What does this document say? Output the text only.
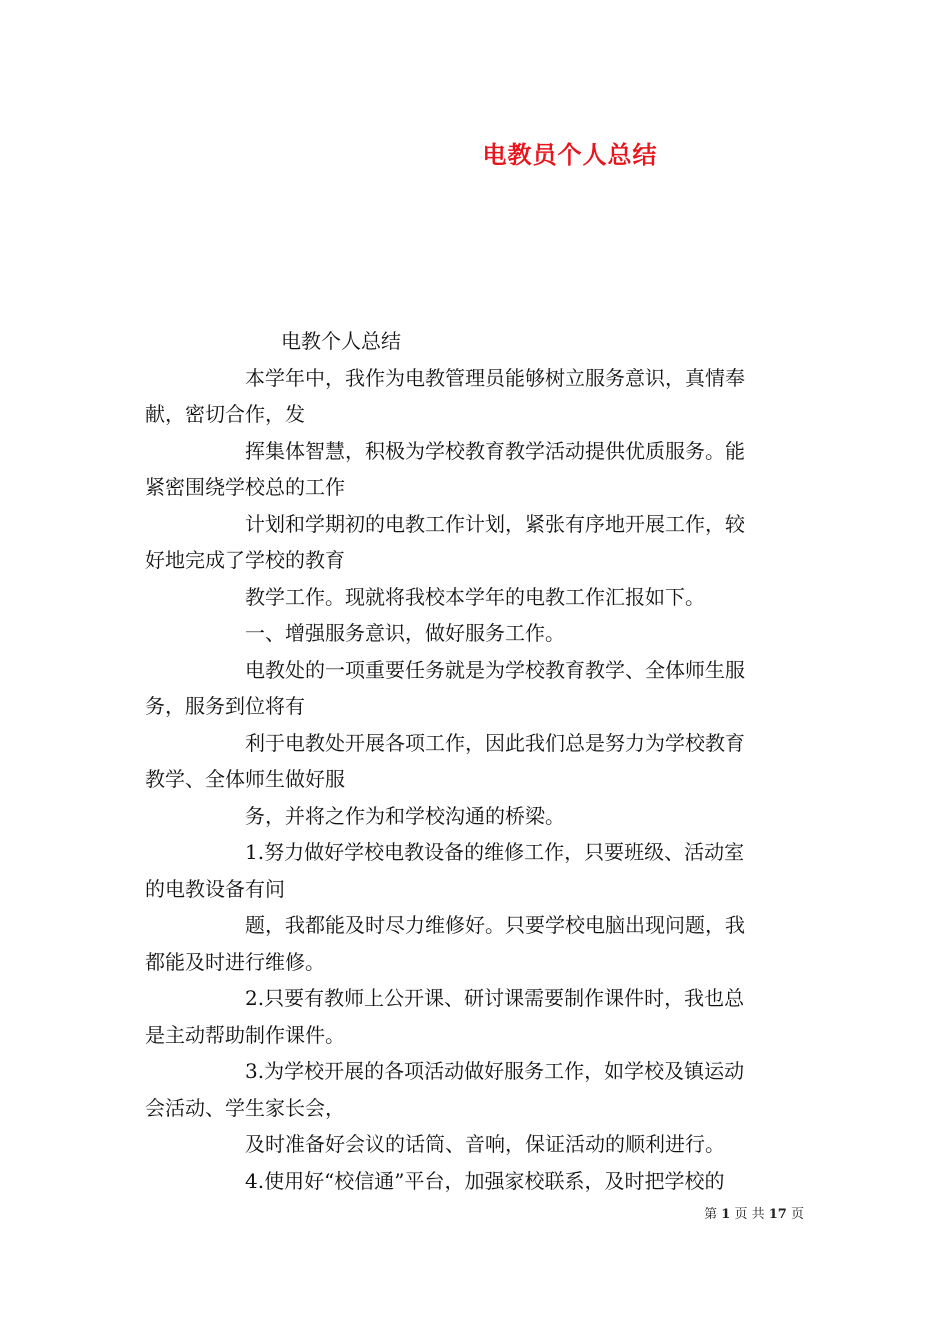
电教员个人总结
电教个人总结
本学年中，我作为电教管理员能够树立服务意识，真情奉
献，密切合作，发
挥集体智慧，积极为学校教育教学活动提供优质服务。能
紧密围绕学校总的工作
计划和学期初的电教工作计划，紧张有序地开展工作，较
好地完成了学校的教育
教学工作。现就将我校本学年的电教工作汇报如下。
一、增强服务意识，做好服务工作。
电教处的一项重要任务就是为学校教育教学、全体师生服
务，服务到位将有
利于电教处开展各项工作，因此我们总是努力为学校教育
教学、全体师生做好服
务，并将之作为和学校沟通的桥梁。
1.努力做好学校电教设备的维修工作，只要班级、活动室
的电教设备有问
题，我都能及时尽力维修好。只要学校电脑出现问题，我
都能及时进行维修。
2.只要有教师上公开课、研讨课需要制作课件时，我也总
是主动帮助制作课件。
3.为学校开展的各项活动做好服务工作，如学校及镇运动
会活动、学生家长会，
及时准备好会议的话筒、音响，保证活动的顺利进行。
4.使用好“校信通”平台，加强家校联系，及时把学校的
第 1 页 共 17 页
